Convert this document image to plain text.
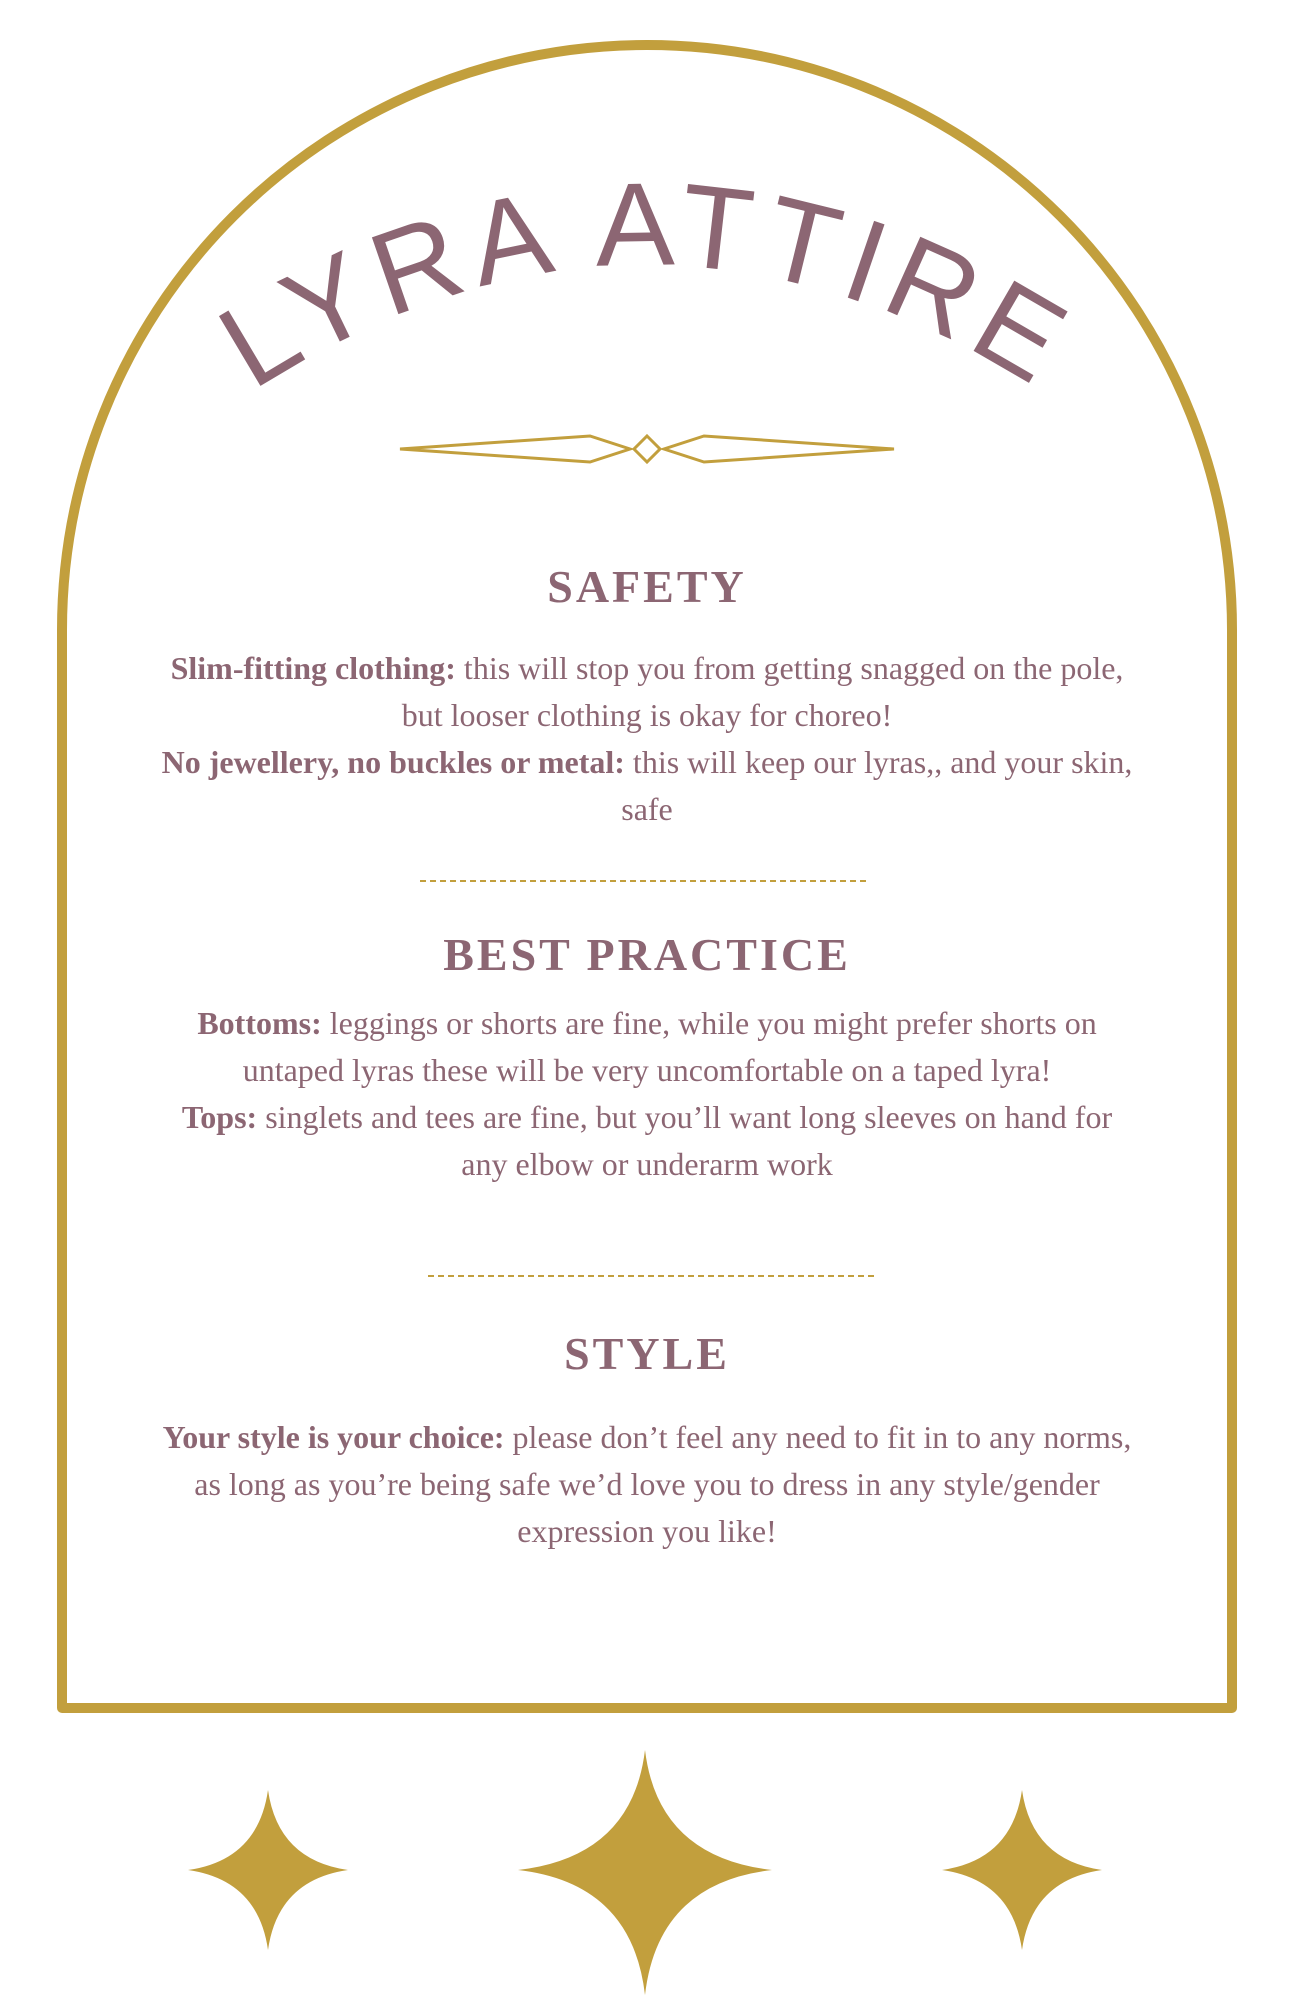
LYRA ATTIRE
SAFETY

Slim-fitting clothing: this will stop you from getting snagged on the pole, but looser clothing is okay for choreo!
No jewellery, no buckles or metal: this will keep our lyras,, and your skin, safe

BEST PRACTICE

Bottoms: leggings or shorts are fine, while you might prefer shorts on untaped lyras these will be very uncomfortable on a taped lyra!
Tops: singlets and tees are fine, but you’ll want long sleeves on hand for any elbow or underarm work

STYLE

Your style is your choice: please don’t feel any need to fit in to any norms, as long as you’re being safe we’d love you to dress in any style/gender expression you like!
